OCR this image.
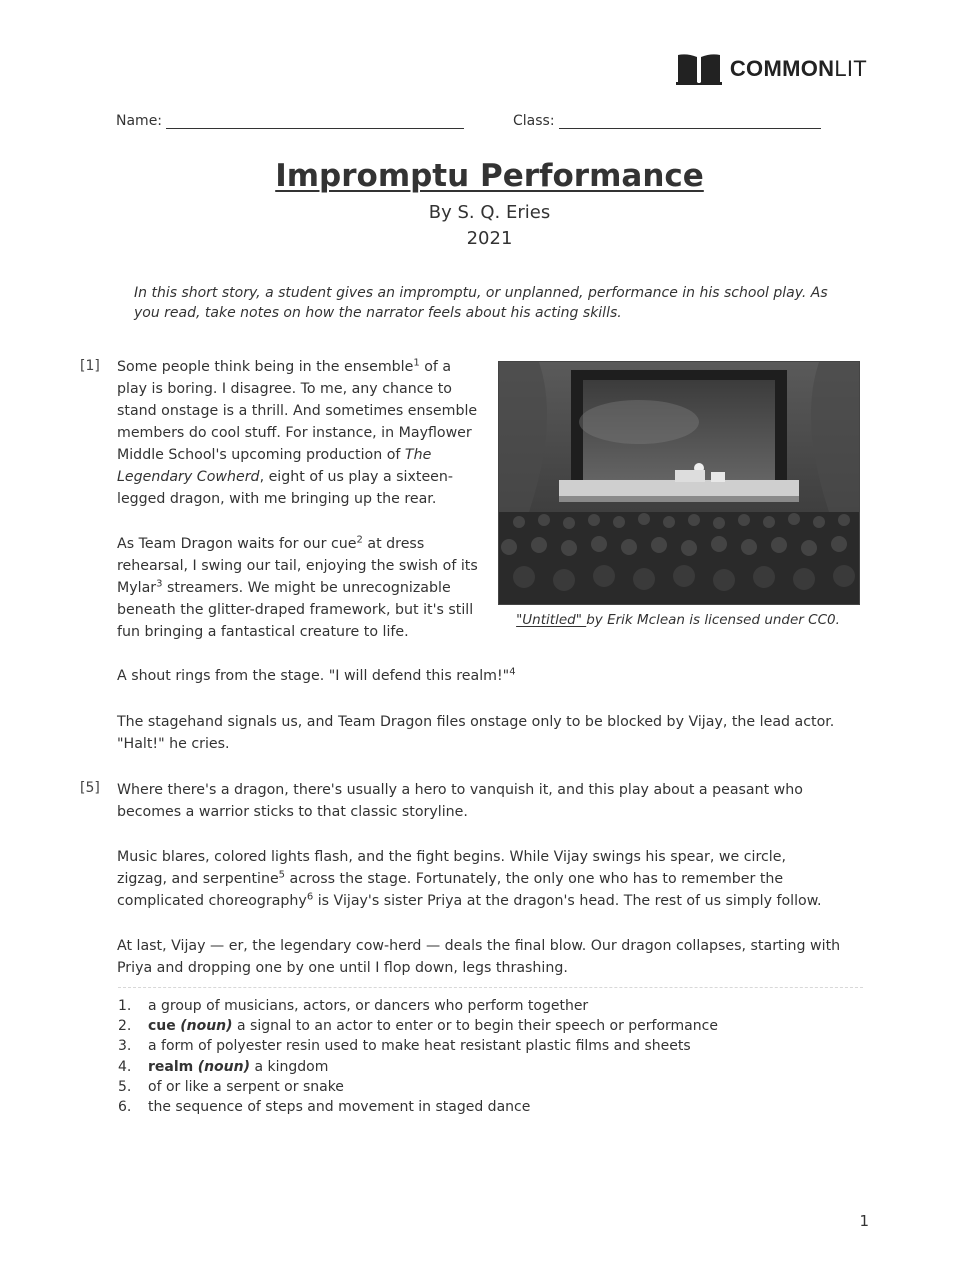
COMMONLIT
Name:	Class:
Impromptu Performance
By S. Q. Eries
2021
In this short story, a student gives an impromptu, or unplanned, performance in his school play. As you read, take notes on how the narrator feels about his acting skills.
[1] Some people think being in the ensemble$^1$ of a play is boring. I disagree. To me, any chance to stand onstage is a thrill. And sometimes ensemble members do cool stuff. For instance, in Mayflower Middle School's upcoming production of The Legendary Cowherd, eight of us play a sixteen-legged dragon, with me bringing up the rear.
As Team Dragon waits for our cue$^2$ at dress rehearsal, I swing our tail, enjoying the swish of its Mylar$^3$ streamers. We might be unrecognizable beneath the glitter-draped framework, but it's still fun bringing a fantastical creature to life.
"Untitled" by Erik Mclean is licensed under CC0.
A shout rings from the stage. "I will defend this realm!"$^4$
The stagehand signals us, and Team Dragon files onstage only to be blocked by Vijay, the lead actor. "Halt!" he cries.
[5] Where there's a dragon, there's usually a hero to vanquish it, and this play about a peasant who becomes a warrior sticks to that classic storyline.
Music blares, colored lights flash, and the fight begins. While Vijay swings his spear, we circle, zigzag, and serpentine$^5$ across the stage. Fortunately, the only one who has to remember the complicated choreography$^6$ is Vijay's sister Priya at the dragon's head. The rest of us simply follow.
At last, Vijay — er, the legendary cow-herd — deals the final blow. Our dragon collapses, starting with Priya and dropping one by one until I flop down, legs thrashing.
1.	a group of musicians, actors, or dancers who perform together
2.	cue (noun) a signal to an actor to enter or to begin their speech or performance
3.	a form of polyester resin used to make heat resistant plastic films and sheets
4.	realm (noun) a kingdom
5.	of or like a serpent or snake
6.	the sequence of steps and movement in staged dance
1
